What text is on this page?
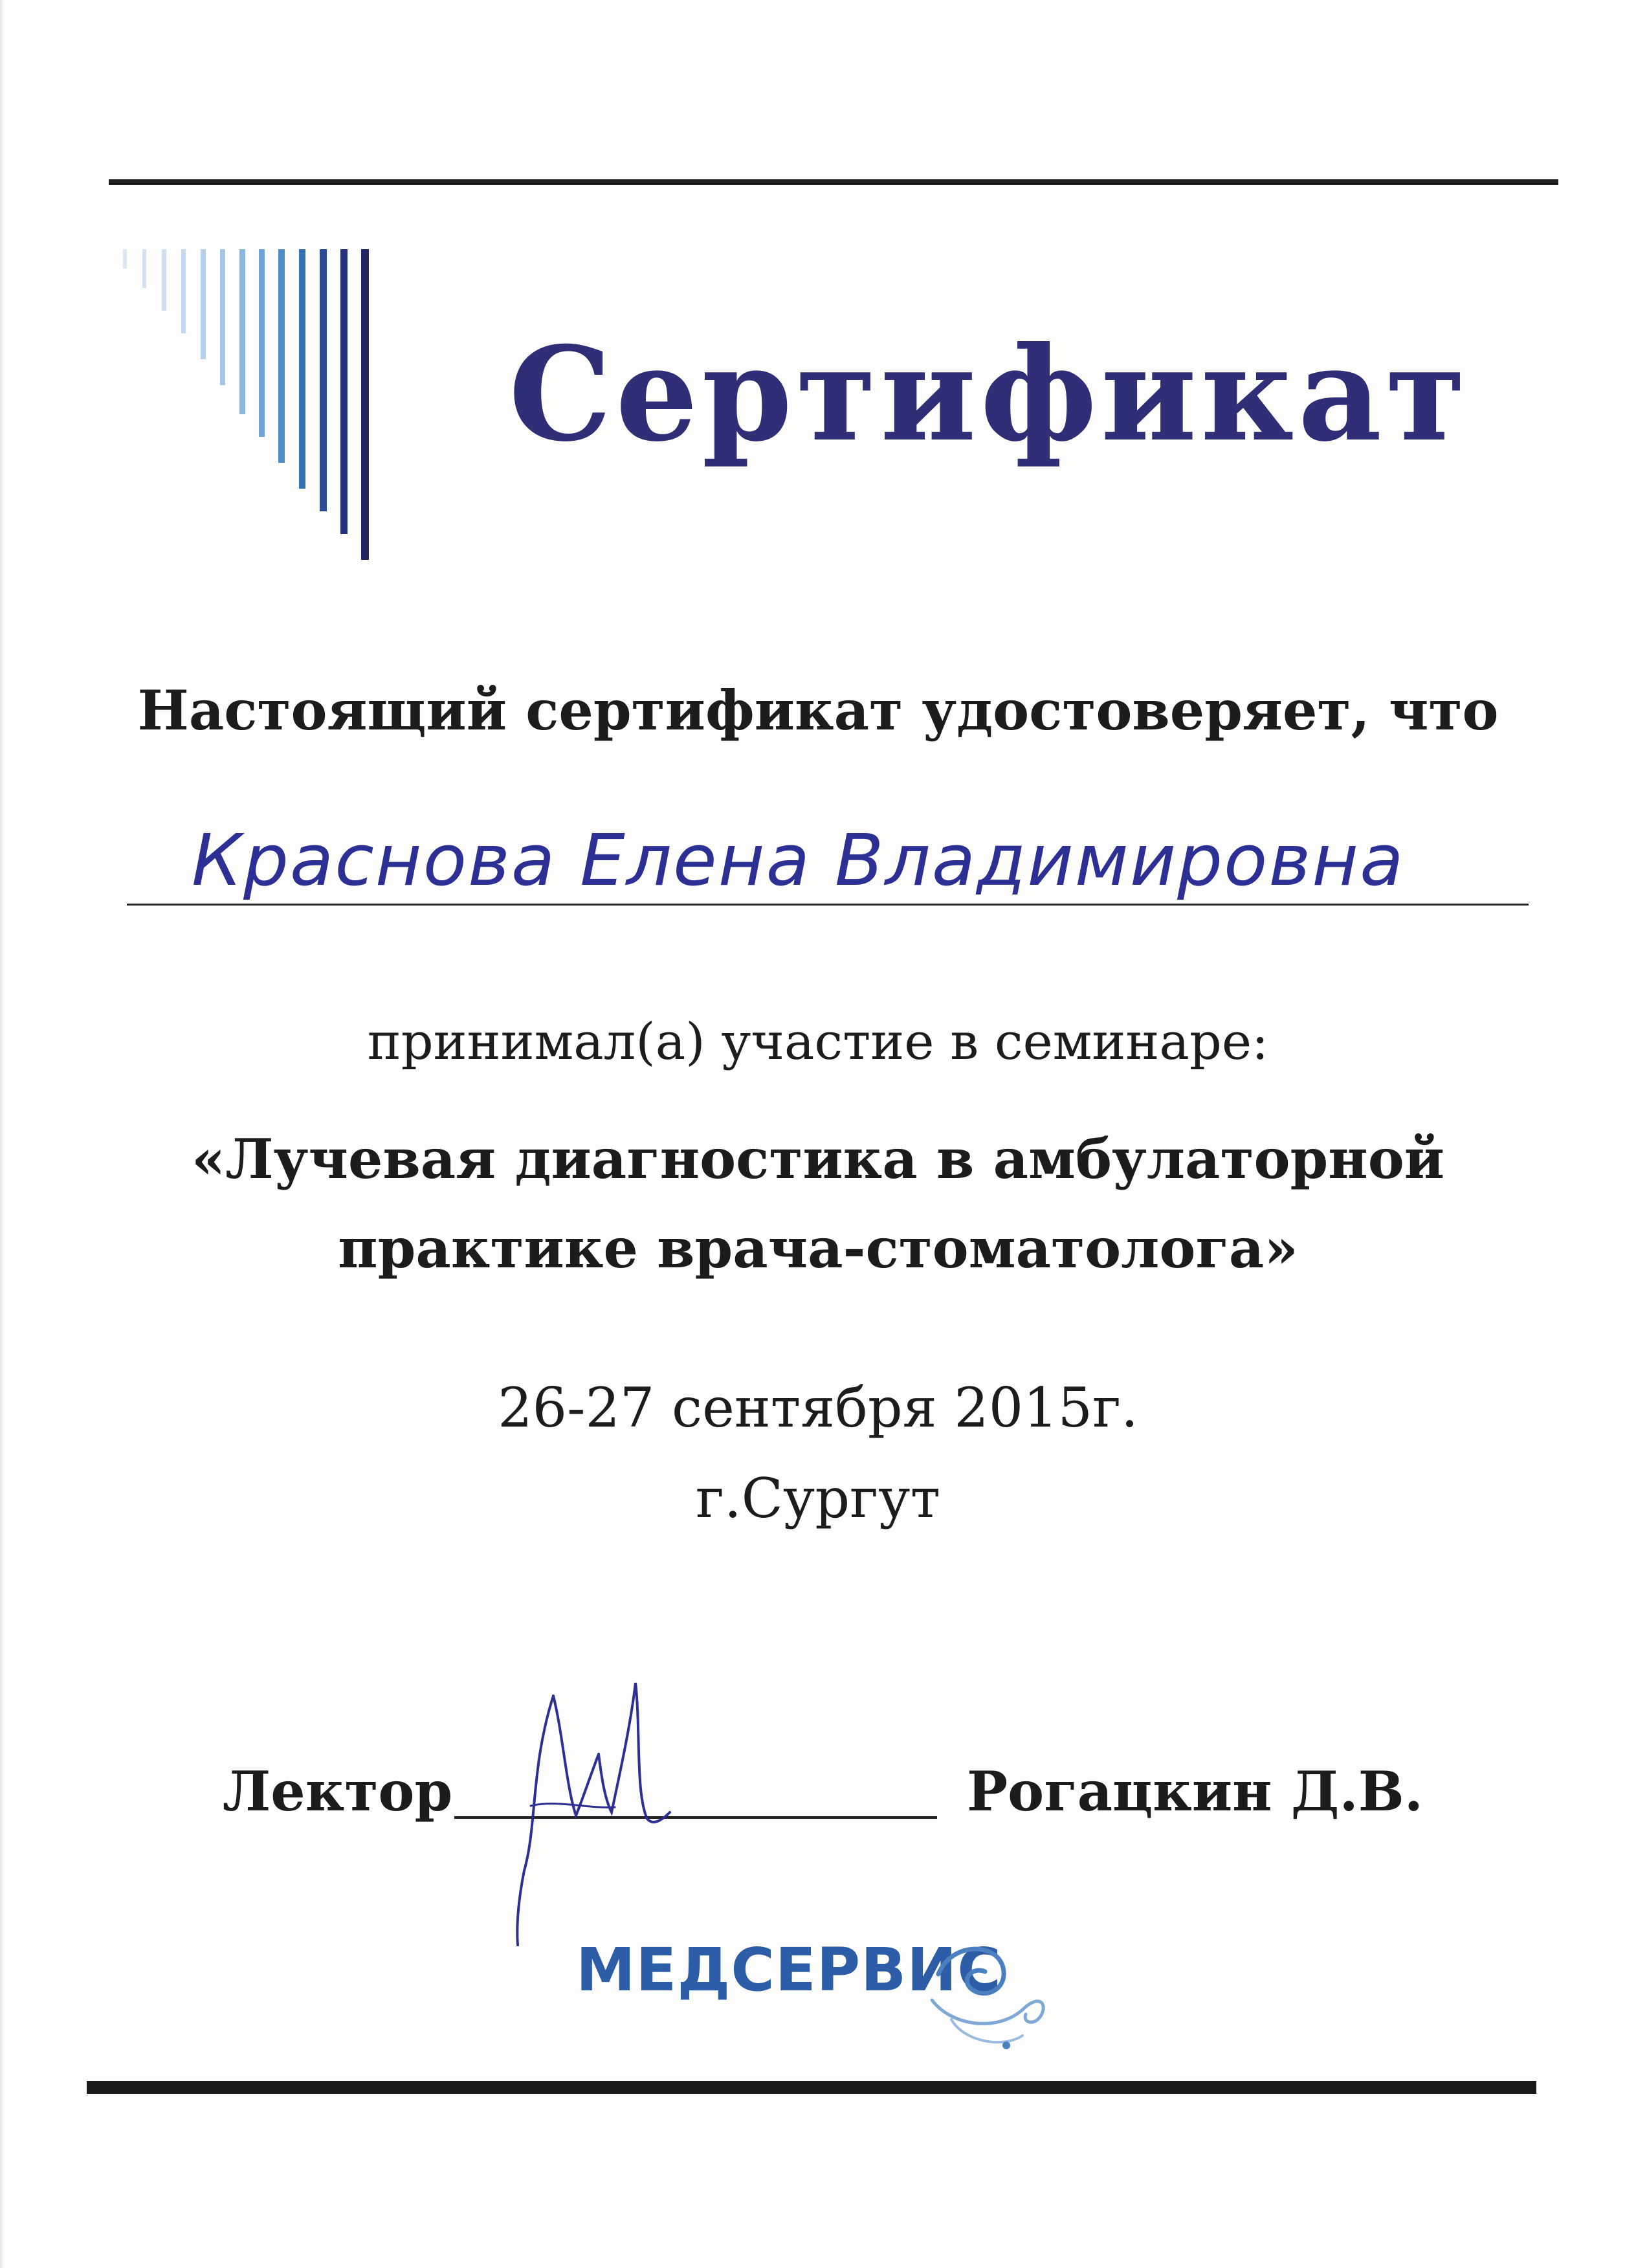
Сертификат
Настоящий сертификат удостоверяет, что
Краснова Елена Владимировна
принимал(а) участие в семинаре:
«Лучевая диагностика в амбулаторной
практике врача-стоматолога»
26-27 сентября 2015г.
г.Сургут
Лектор	Рогацкин Д.В.
МЕДСЕРВИС
